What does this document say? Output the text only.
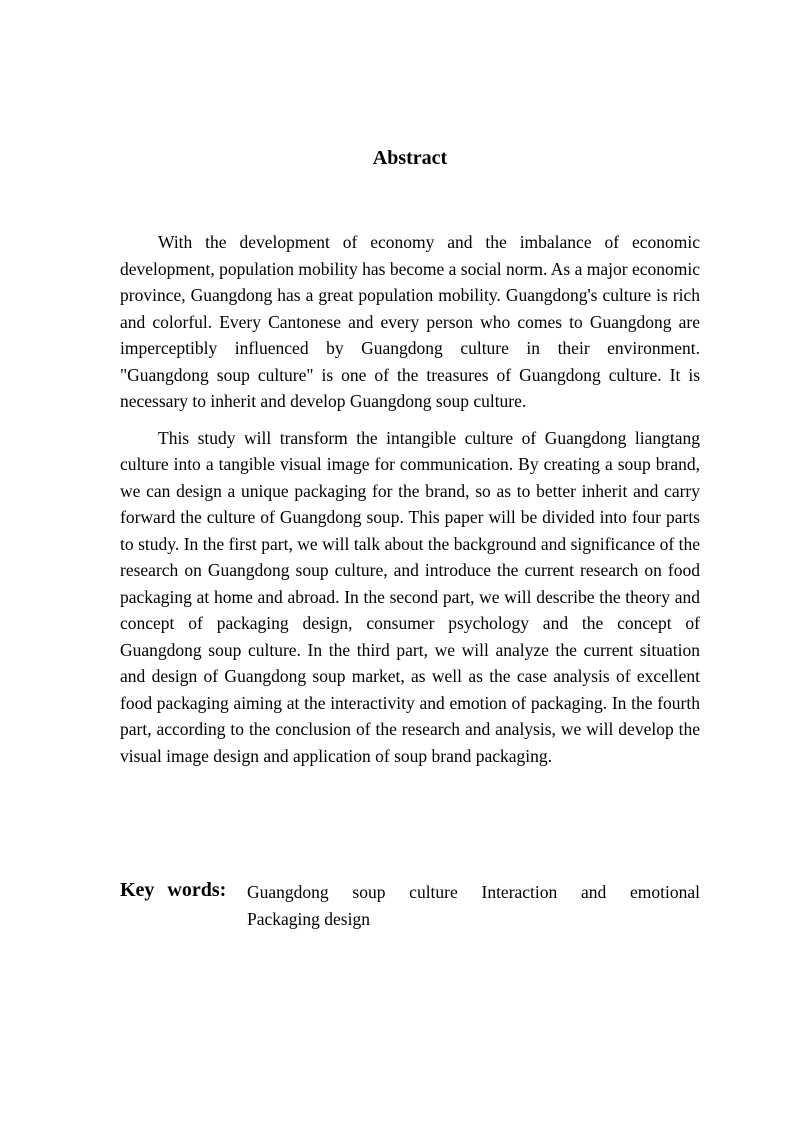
Abstract

With the development of economy and the imbalance of economic development, population mobility has become a social norm. As a major economic province, Guangdong has a great population mobility. Guangdong's culture is rich and colorful. Every Cantonese and every person who comes to Guangdong are imperceptibly influenced by Guangdong culture in their environment. "Guangdong soup culture" is one of the treasures of Guangdong culture. It is necessary to inherit and develop Guangdong soup culture.

This study will transform the intangible culture of Guangdong liangtang culture into a tangible visual image for communication. By creating a soup brand, we can design a unique packaging for the brand, so as to better inherit and carry forward the culture of Guangdong soup. This paper will be divided into four parts to study. In the first part, we will talk about the background and significance of the research on Guangdong soup culture, and introduce the current research on food packaging at home and abroad. In the second part, we will describe the theory and concept of packaging design, consumer psychology and the concept of Guangdong soup culture. In the third part, we will analyze the current situation and design of Guangdong soup market, as well as the case analysis of excellent food packaging aiming at the interactivity and emotion of packaging. In the fourth part, according to the conclusion of the research and analysis, we will develop the visual image design and application of soup brand packaging.

Key words: Guangdong soup culture Interaction and emotional
Packaging design
